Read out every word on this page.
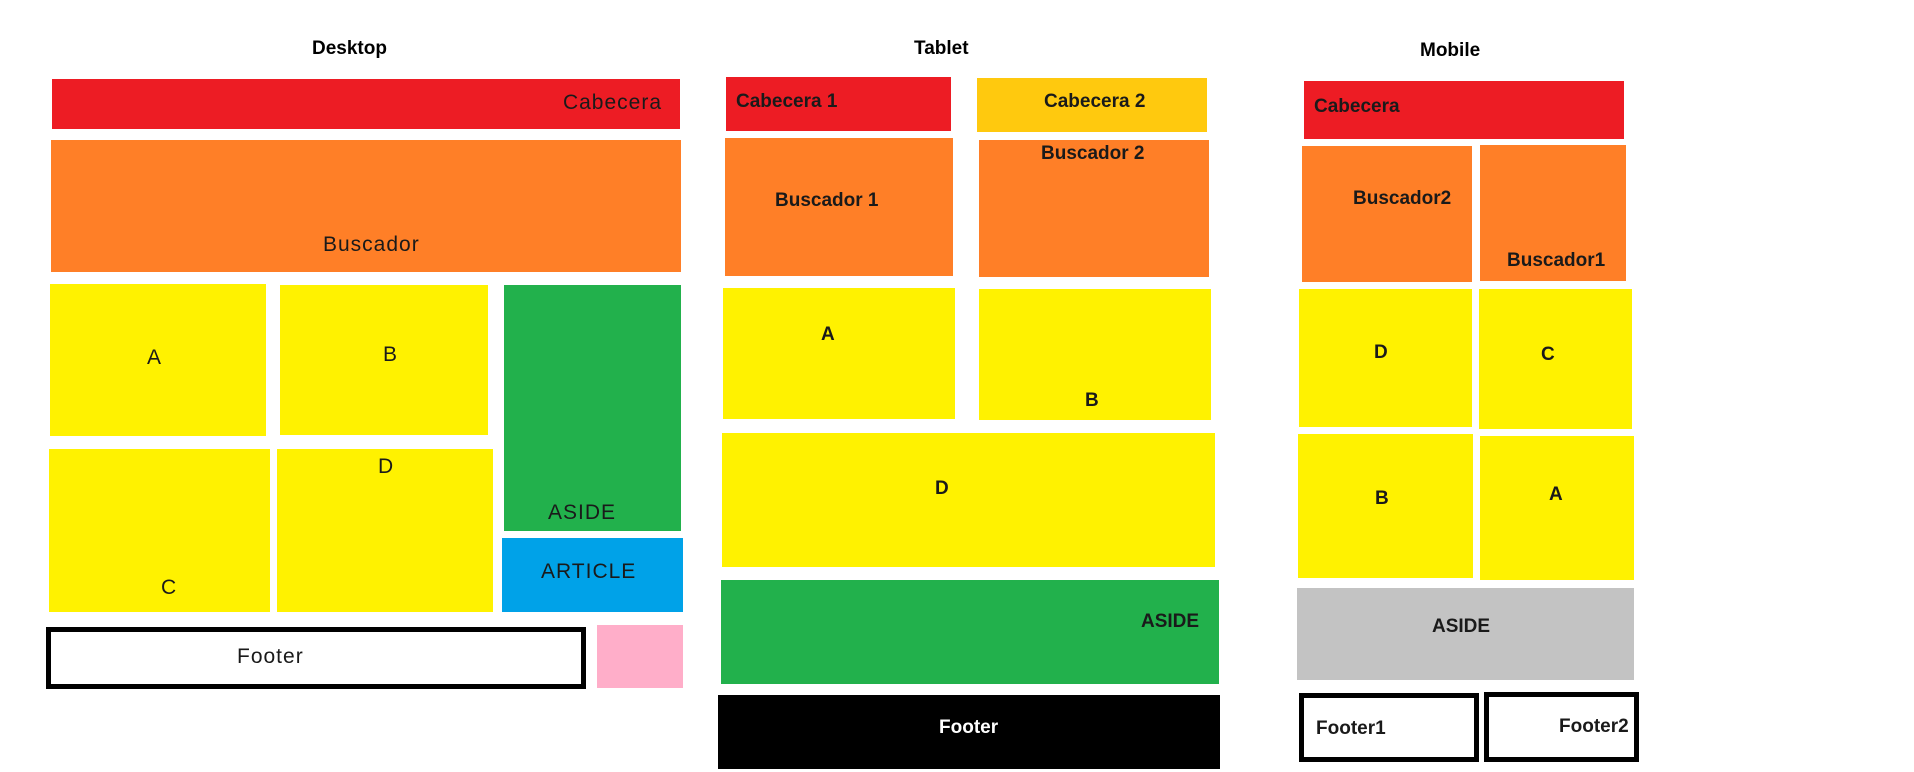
Desktop
Cabecera
Buscador
A	B
ASIDE
C
D
ARTICLE
Footer
Tablet
Cabecera 1	Cabecera 2
Buscador 1
Buscador 2
A
B
D
ASIDE
Footer
Mobile
Cabecera
Buscador2
Buscador1
D	C
B	A
ASIDE
Footer1	Footer2
